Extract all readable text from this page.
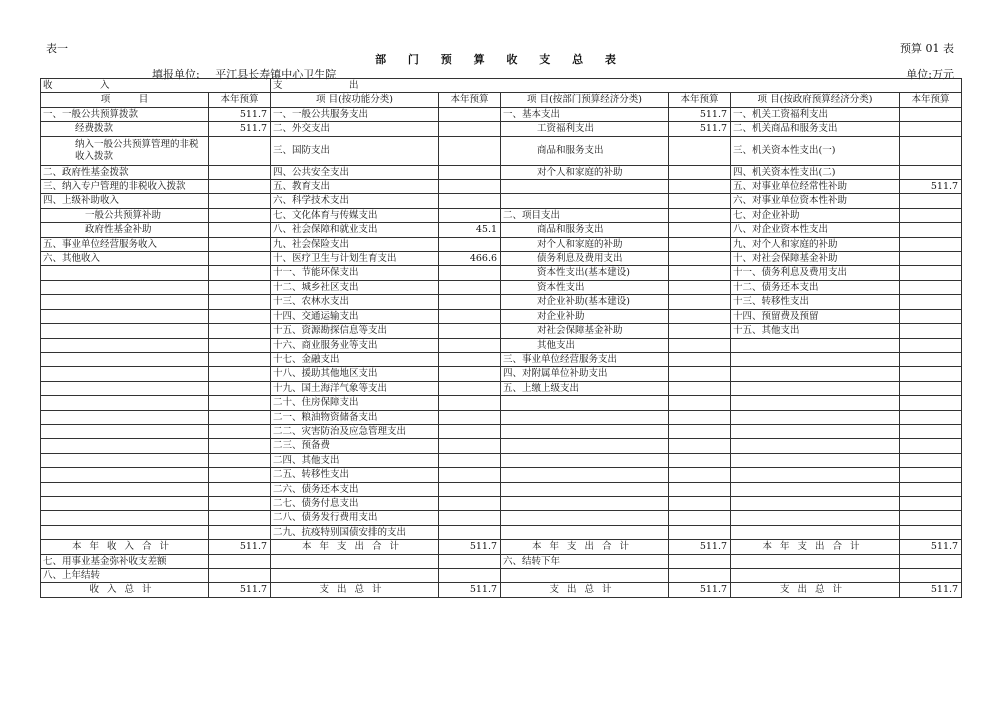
表一	预算 01 表
部 门 预 算 收 支 总 表
填报单位: 平江县长寿镇中心卫生院	单位:万元
收　　　　　入		支　　　　　　　出					
项　　　目	本年预算	项 目(按功能分类)	本年预算	项 目(按部门预算经济分类)	本年预算	项 目(按政府预算经济分类)	本年预算
一、一般公共预算拨款	511.7	一、一般公共服务支出		一、基本支出	511.7	一、机关工资福利支出	
经费拨款	511.7	二、外交支出		工资福利支出	511.7	二、机关商品和服务支出	
纳入一般公共预算管理的非税收入拨款		三、国防支出		商品和服务支出		三、机关资本性支出(一)	
二、政府性基金拨款		四、公共安全支出		对个人和家庭的补助		四、机关资本性支出(二)	
三、纳入专户管理的非税收入拨款		五、教育支出				五、对事业单位经常性补助	511.7
四、上级补助收入		六、科学技术支出				六、对事业单位资本性补助	
一般公共预算补助		七、文化体育与传媒支出		二、项目支出		七、对企业补助	
政府性基金补助		八、社会保障和就业支出	45.1	商品和服务支出		八、对企业资本性支出	
五、事业单位经营服务收入		九、社会保险支出		对个人和家庭的补助		九、对个人和家庭的补助	
六、其他收入		十、医疗卫生与计划生育支出	466.6	债务利息及费用支出		十、对社会保障基金补助	
		十一、节能环保支出		资本性支出(基本建设)		十一、债务利息及费用支出	
		十二、城乡社区支出		资本性支出		十二、债务还本支出	
		十三、农林水支出		对企业补助(基本建设)		十三、转移性支出	
		十四、交通运输支出		对企业补助		十四、预留费及预留	
		十五、资源勘探信息等支出		对社会保障基金补助		十五、其他支出	
		十六、商业服务业等支出		其他支出			
		十七、金融支出		三、事业单位经营服务支出			
		十八、援助其他地区支出		四、对附属单位补助支出			
		十九、国土海洋气象等支出		五、上缴上级支出			
		二十、住房保障支出					
		二一、粮油物资储备支出					
		二二、灾害防治及应急管理支出					
		二三、预备费					
		二四、其他支出					
		二五、转移性支出					
		二六、债务还本支出					
		二七、债务付息支出					
		二八、债务发行费用支出					
		二九、抗疫特别国债安排的支出					
本年收入合计	511.7	本年支出合计	511.7	本年支出合计	511.7	本年支出合计	511.7
七、用事业基金弥补收支差额				六、结转下年			
八、上年结转							
收入总计	511.7	支出总计	511.7	支出总计	511.7	支出总计	511.7
